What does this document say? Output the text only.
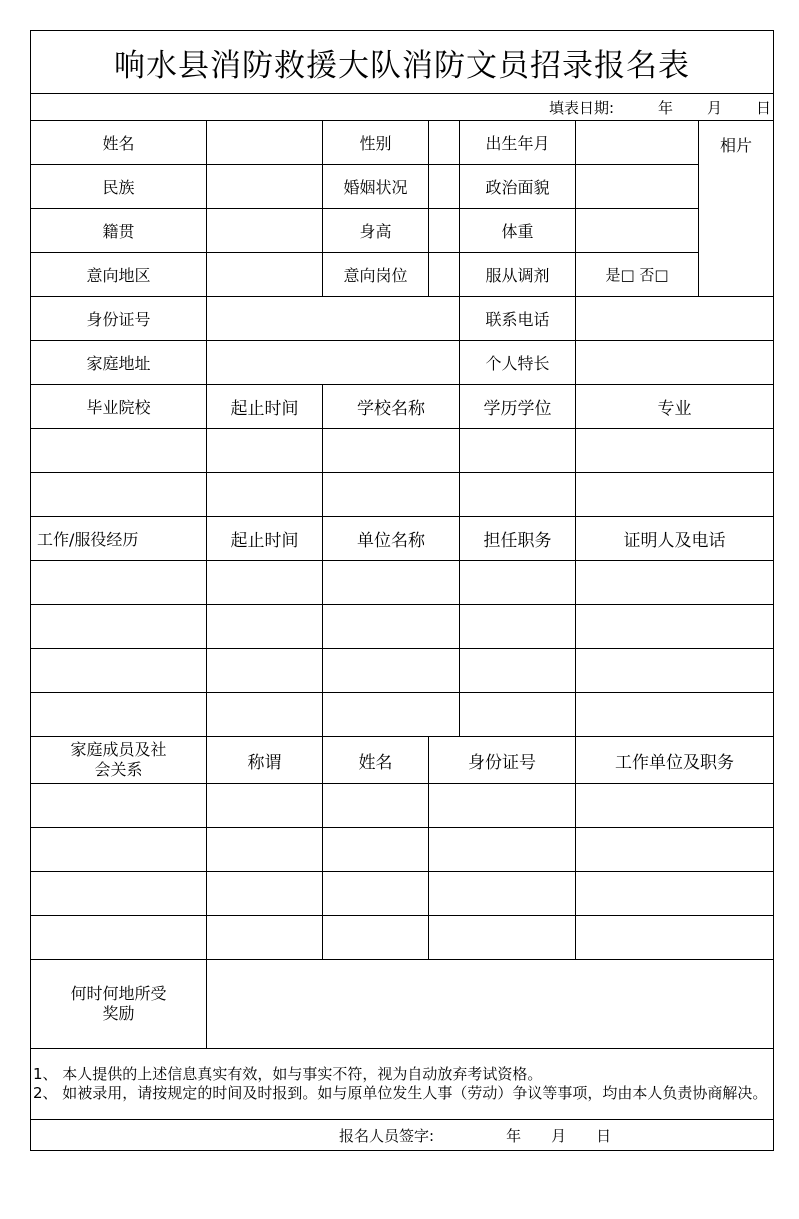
响水县消防救援大队消防文员招录报名表						
填表日期: 年 月 日						
姓名		性别		出生年月		相片
民族		婚姻状况		政治面貌		
籍贯		身高		体重		
意向地区		意向岗位		服从调剂	是□ 否□	
身份证号				联系电话		
家庭地址				个人特长		
毕业院校	起止时间	学校名称		学历学位	专业	

工作/服役经历	起止时间	单位名称		担任职务	证明人及电话	

家庭成员及社
会关系	称谓	姓名	身份证号		工作单位及职务	

何时何地所受
奖励						

1、 本人提供的上述信息真实有效，如与事实不符，视为自动放弃考试资格。
2、 如被录用，请按规定的时间及时报到。如与原单位发生人事（劳动）争议等事项，均由本人负责协商解决。						

报名人员签字: 年 月 日						
